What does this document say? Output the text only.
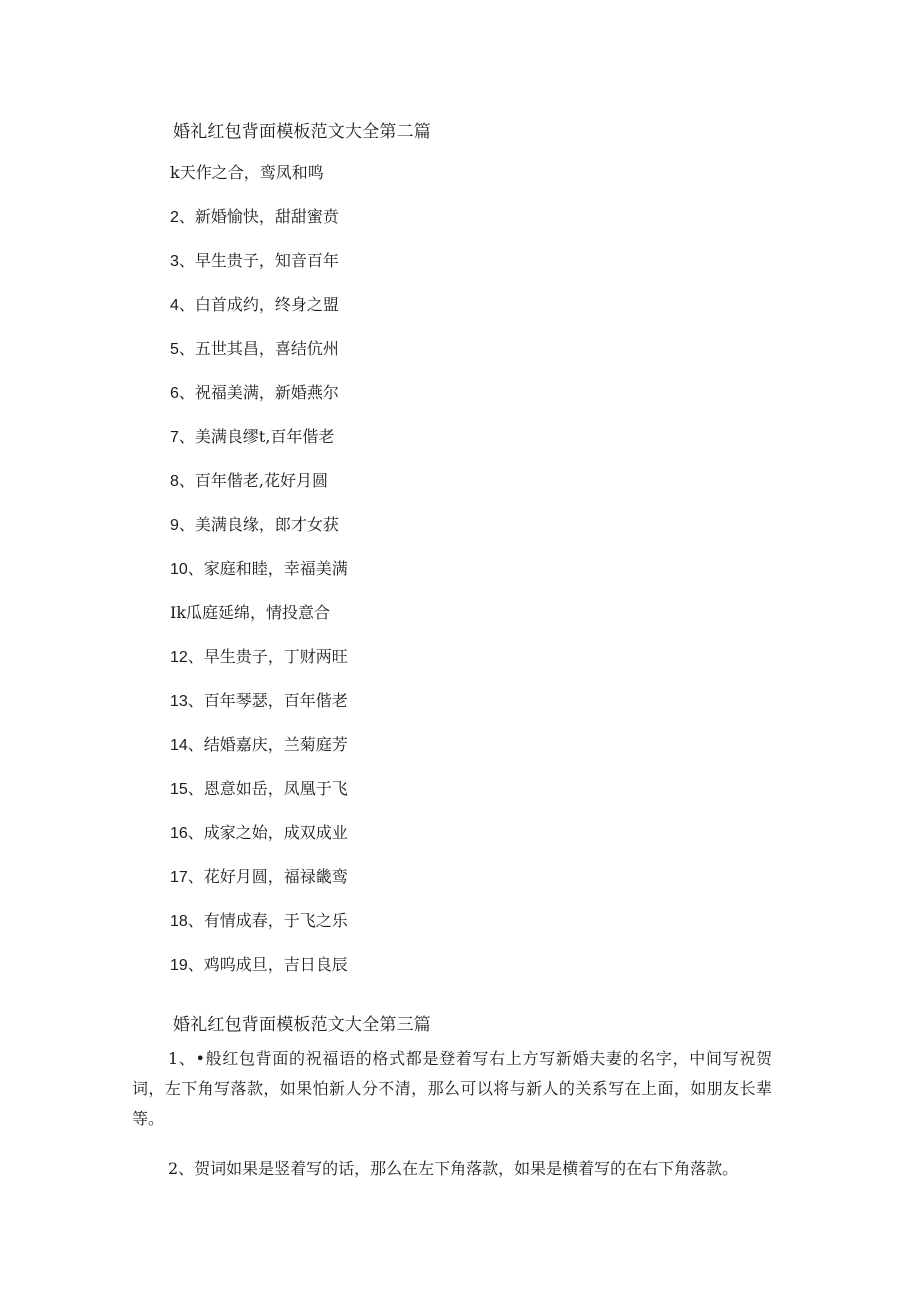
婚礼红包背面模板范文大全第二篇
k天作之合，鸾凤和鸣
2、新婚愉快，甜甜蜜贲
3、早生贵子，知音百年
4、白首成约，终身之盟
5、五世其昌，喜结伉州
6、祝福美满，新婚燕尔
7、美满良缪t,百年偕老
8、百年偕老,花好月圆
9、美满良缘，郎才女获
10、家庭和睦，幸福美满
Ik瓜庭延绵，情投意合
12、早生贵子，丁财两旺
13、百年琴瑟，百年偕老
14、结婚嘉庆，兰菊庭芳
15、恩意如岳，凤凰于飞
16、成家之始，成双成业
17、花好月圆，福禄畿鸾
18、有情成春，于飞之乐
19、鸡呜成旦，吉日良辰
婚礼红包背面模板范文大全第三篇

1、•般红包背面的祝福语的格式都是登着写右上方写新婚夫妻的名字，中间写祝贺词，左下角写落款，如果怕新人分不清，那么可以将与新人的关系写在上面，如朋友长辈等。

2、贺词如果是竖着写的话，那么在左下角落款，如果是横着写的在右下角落款。
